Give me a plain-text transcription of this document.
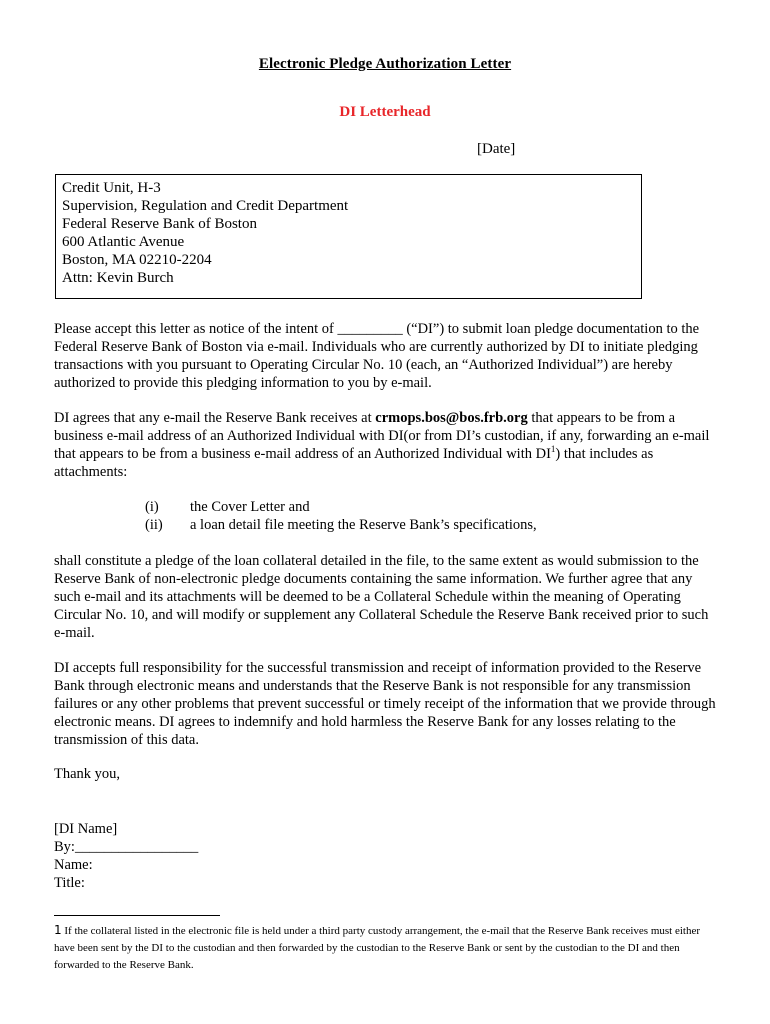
Electronic Pledge Authorization Letter
DI Letterhead
[Date]
Credit Unit, H-3
Supervision, Regulation and Credit Department
Federal Reserve Bank of Boston
600 Atlantic Avenue
Boston, MA 02210-2204
Attn: Kevin Burch
Please accept this letter as notice of the intent of _________ (“DI”) to submit loan pledge documentation to the Federal Reserve Bank of Boston via e-mail. Individuals who are currently authorized by DI to initiate pledging transactions with you pursuant to Operating Circular No. 10 (each, an “Authorized Individual”) are hereby authorized to provide this pledging information to you by e-mail.
DI agrees that any e-mail the Reserve Bank receives at crmops.bos@bos.frb.org that appears to be from a business e-mail address of an Authorized Individual with DI(or from DI’s custodian, if any, forwarding an e-mail that appears to be from a business e-mail address of an Authorized Individual with $DI^1$) that includes as attachments:
(i) the Cover Letter and
(ii) a loan detail file meeting the Reserve Bank’s specifications,
shall constitute a pledge of the loan collateral detailed in the file, to the same extent as would submission to the Reserve Bank of non-electronic pledge documents containing the same information. We further agree that any such e-mail and its attachments will be deemed to be a Collateral Schedule within the meaning of Operating Circular No. 10, and will modify or supplement any Collateral Schedule the Reserve Bank received prior to such e-mail.
DI accepts full responsibility for the successful transmission and receipt of information provided to the Reserve Bank through electronic means and understands that the Reserve Bank is not responsible for any transmission failures or any other problems that prevent successful or timely receipt of the information that we provide through electronic means. DI agrees to indemnify and hold harmless the Reserve Bank for any losses relating to the transmission of this data.
Thank you,
[DI Name]
By:_________________
Name:
Title:
1 If the collateral listed in the electronic file is held under a third party custody arrangement, the e-mail that the Reserve Bank receives must either have been sent by the DI to the custodian and then forwarded by the custodian to the Reserve Bank or sent by the custodian to the DI and then forwarded to the Reserve Bank.
